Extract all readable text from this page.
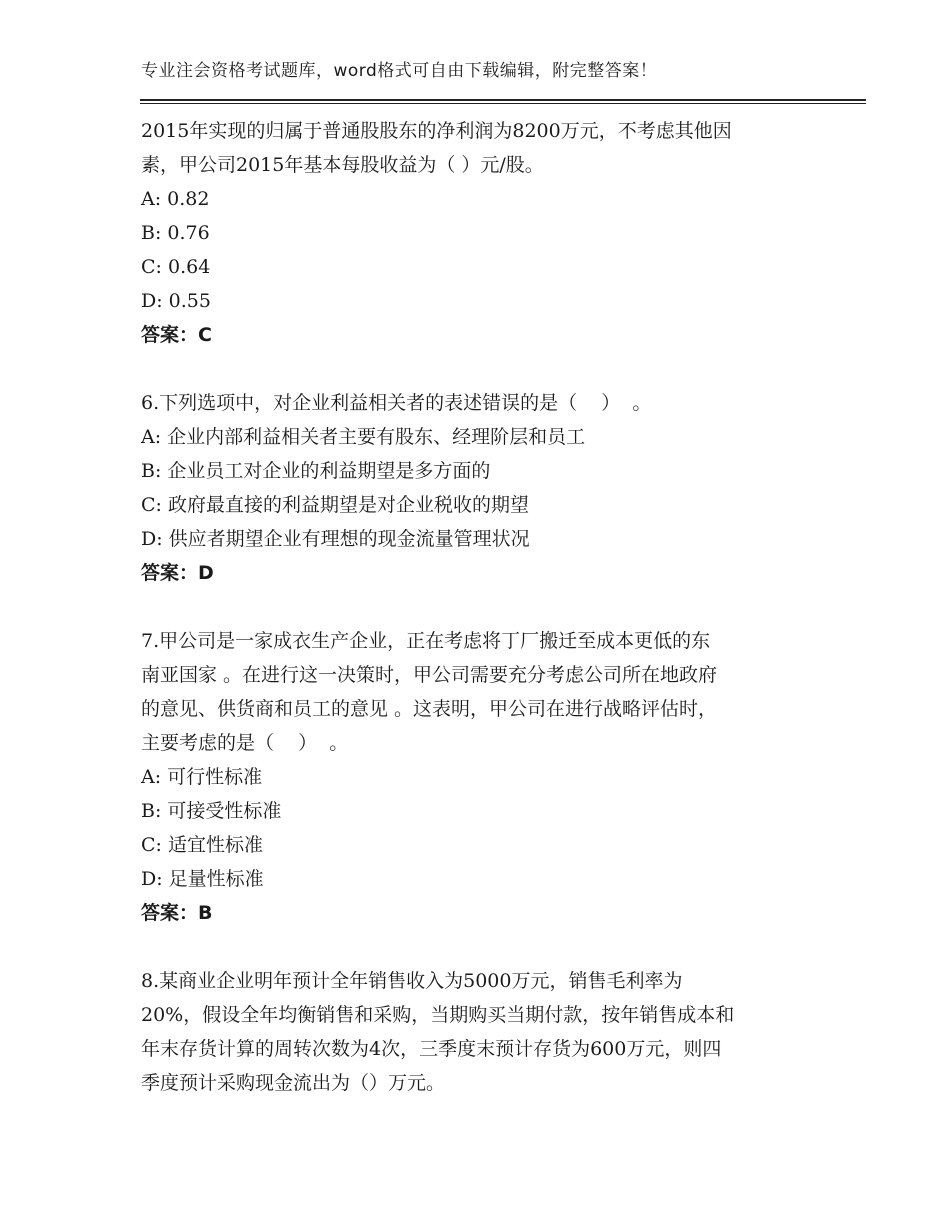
专业注会资格考试题库，word格式可自由下载编辑，附完整答案！

2015年实现的归属于普通股股东的净利润为8200万元，不考虑其他因

素，甲公司2015年基本每股收益为（ ）元/股。

A: 0.82

B: 0.76

C: 0.64

D: 0.55

答案：C

6.下列选项中，对企业利益相关者的表述错误的是（    ）  。

A: 企业内部利益相关者主要有股东、经理阶层和员工

B: 企业员工对企业的利益期望是多方面的

C: 政府最直接的利益期望是对企业税收的期望

D: 供应者期望企业有理想的现金流量管理状况

答案：D

7.甲公司是一家成衣生产企业，正在考虑将丁厂搬迁至成本更低的东

南亚国家 。在进行这一决策时，甲公司需要充分考虑公司所在地政府

的意见、供货商和员工的意见 。这表明，甲公司在进行战略评估时，

主要考虑的是（    ）  。

A: 可行性标准

B: 可接受性标准

C: 适宜性标准

D: 足量性标准

答案：B

8.某商业企业明年预计全年销售收入为5000万元，销售毛利率为

20%，假设全年均衡销售和采购，当期购买当期付款，按年销售成本和

年末存货计算的周转次数为4次，三季度末预计存货为600万元，则四

季度预计采购现金流出为（）万元。
